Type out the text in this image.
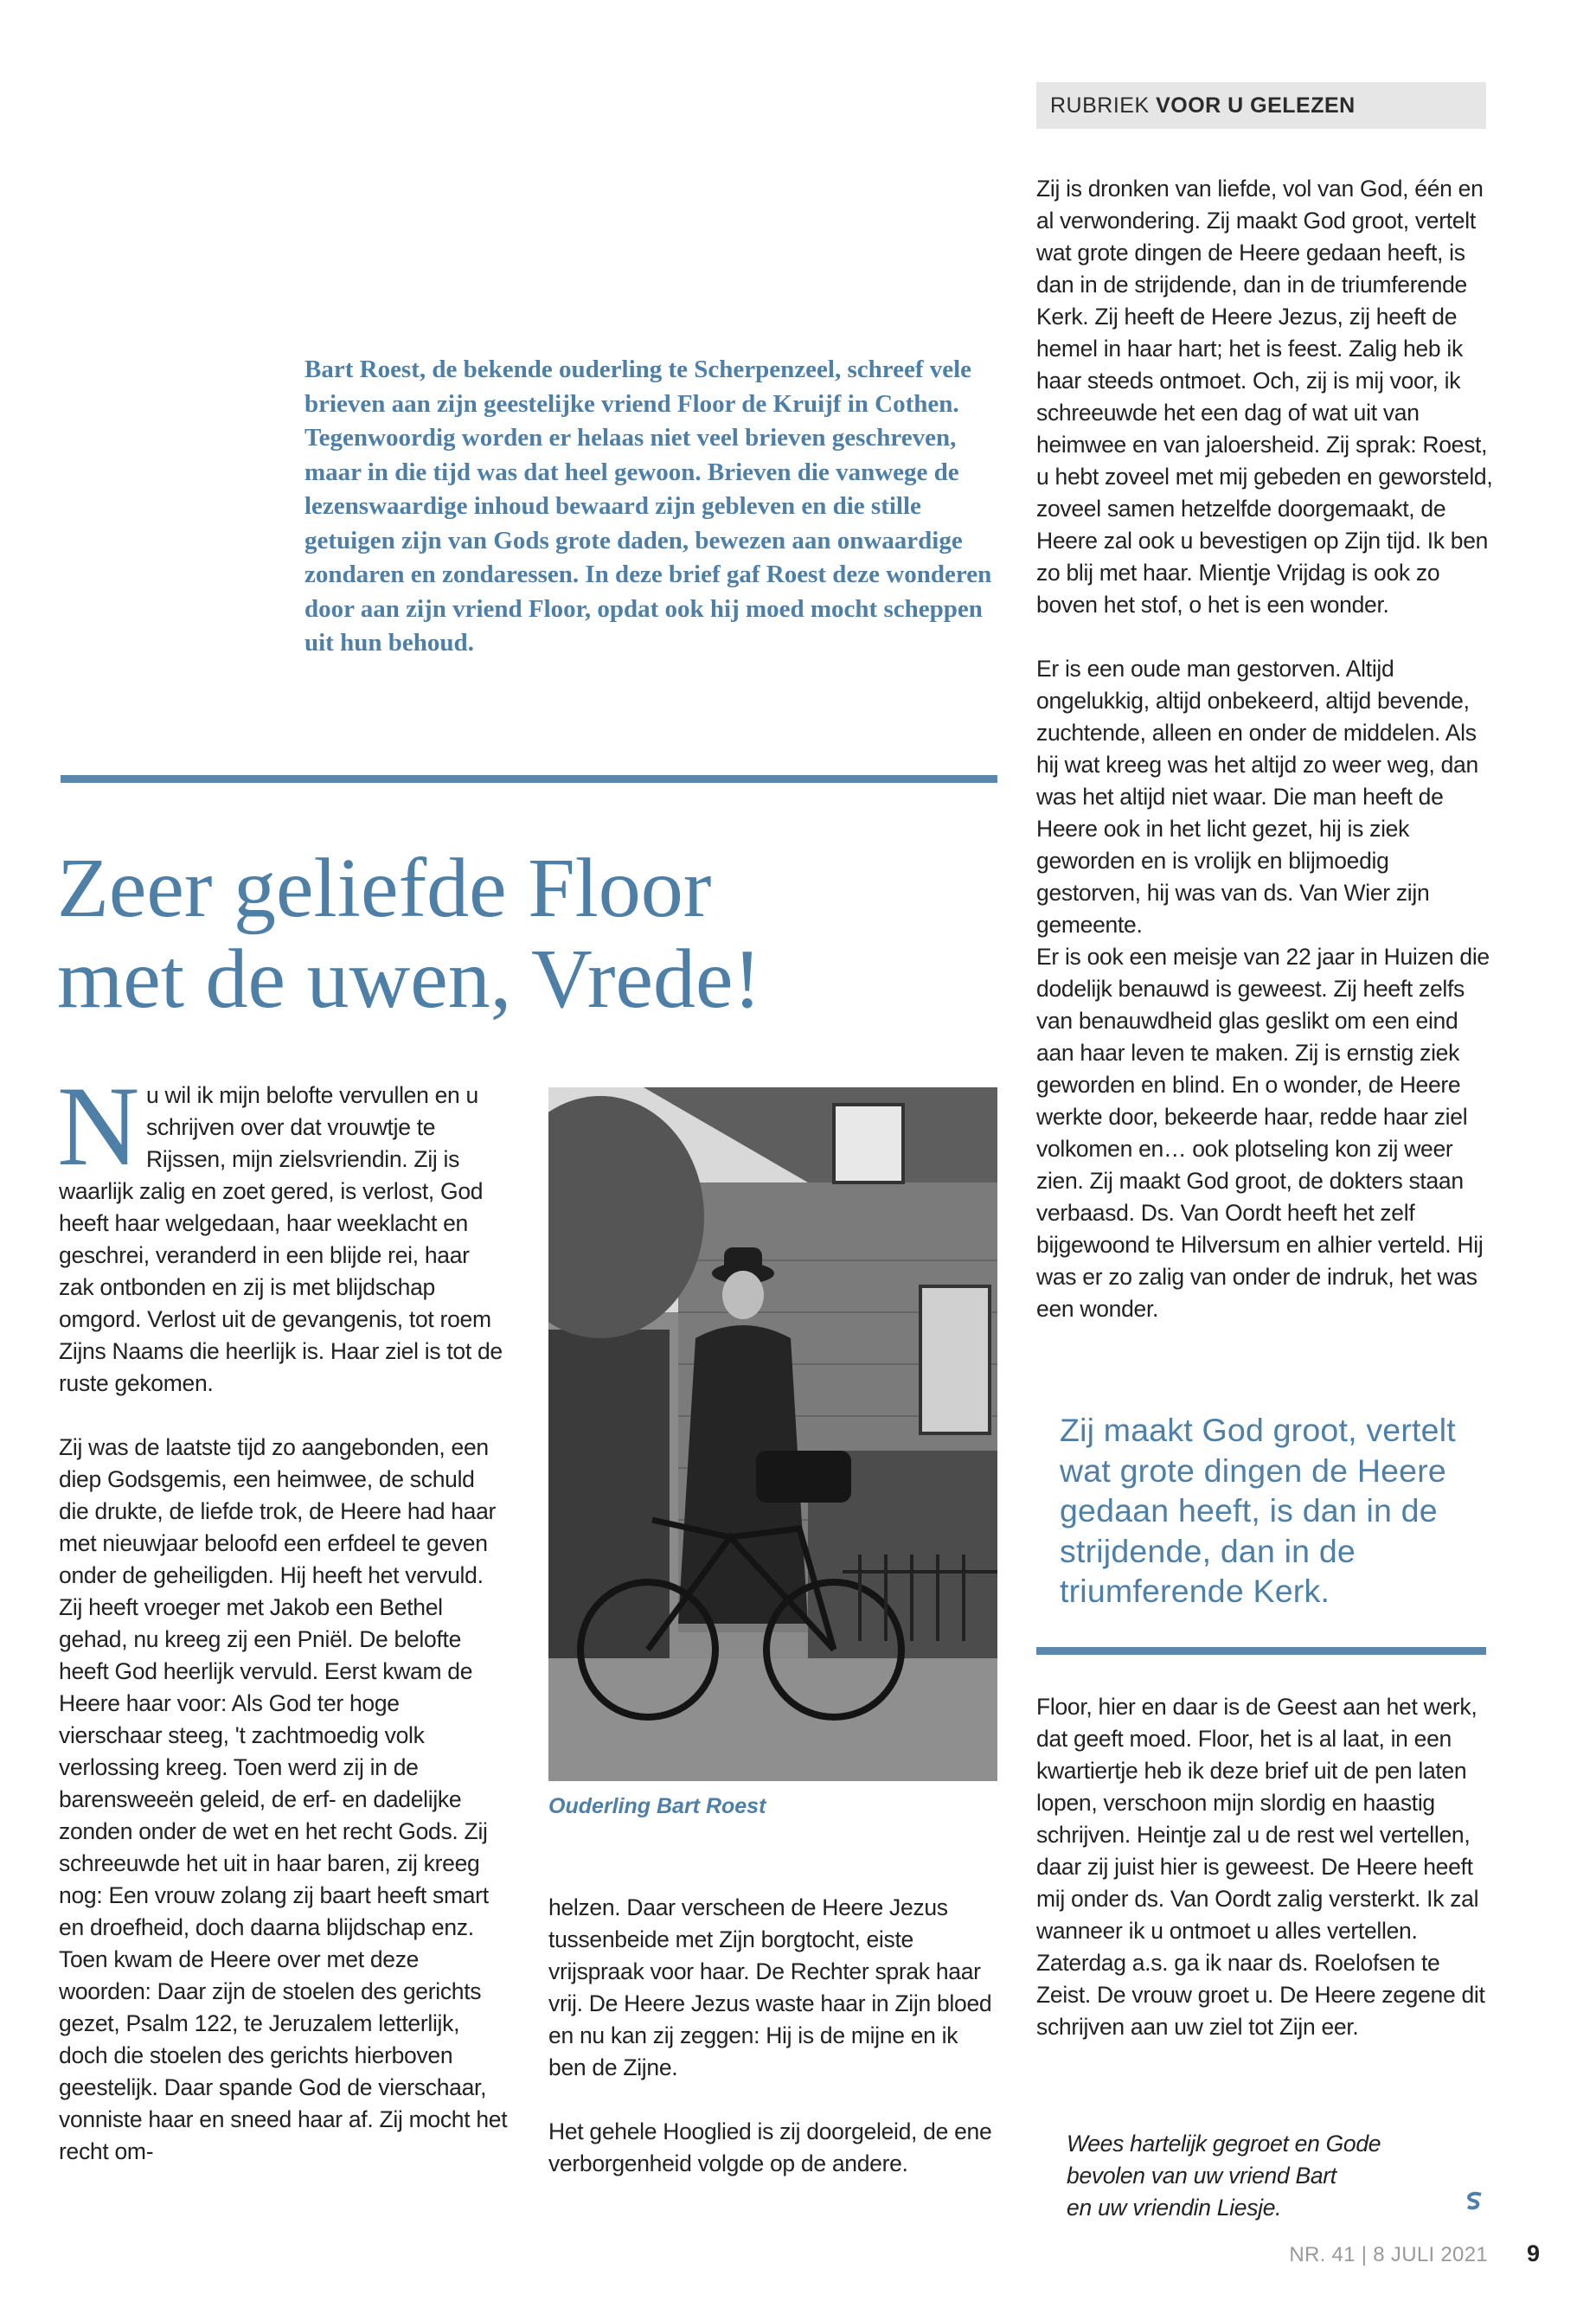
RUBRIEK VOOR U GELEZEN
Bart Roest, de bekende ouderling te Scherpenzeel, schreef vele brieven aan zijn geestelijke vriend Floor de Kruijf in Cothen. Tegenwoordig worden er helaas niet veel brieven geschreven, maar in die tijd was dat heel gewoon. Brieven die vanwege de lezenswaardige inhoud bewaard zijn gebleven en die stille getuigen zijn van Gods grote daden, bewezen aan onwaardige zondaren en zondaressen. In deze brief gaf Roest deze wonderen door aan zijn vriend Floor, opdat ook hij moed mocht scheppen uit hun behoud.
Zeer geliefde Floor
met de uwen, Vrede!
N u wil ik mijn belofte vervullen en u schrijven over dat vrouwtje te Rijssen, mijn zielsvriendin. Zij is waarlijk zalig en zoet gered, is verlost, God heeft haar welgedaan, haar weeklacht en geschrei, veranderd in een blijde rei, haar zak ontbonden en zij is met blijdschap omgord. Verlost uit de gevangenis, tot roem Zijns Naams die heerlijk is. Haar ziel is tot de ruste gekomen.

Zij was de laatste tijd zo aangebonden, een diep Godsgemis, een heimwee, de schuld die drukte, de liefde trok, de Heere had haar met nieuwjaar beloofd een erfdeel te geven onder de geheiligden. Hij heeft het vervuld. Zij heeft vroeger met Jakob een Bethel gehad, nu kreeg zij een Pniël. De belofte heeft God heerlijk vervuld. Eerst kwam de Heere haar voor: Als God ter hoge vierschaar steeg, 't zachtmoedig volk verlossing kreeg. Toen werd zij in de barensweeën geleid, de erf- en dadelijke zonden onder de wet en het recht Gods. Zij schreeuwde het uit in haar baren, zij kreeg nog: Een vrouw zolang zij baart heeft smart en droefheid, doch daarna blijdschap enz. Toen kwam de Heere over met deze woorden: Daar zijn de stoelen des gerichts gezet, Psalm 122, te Jeruzalem letterlijk, doch die stoelen des gerichts hierboven geestelijk. Daar spande God de vierschaar, vonniste haar en sneed haar af. Zij mocht het recht om-

Ouderling Bart Roest

helzen. Daar verscheen de Heere Jezus tussenbeide met Zijn borgtocht, eiste vrijspraak voor haar. De Rechter sprak haar vrij. De Heere Jezus waste haar in Zijn bloed en nu kan zij zeggen: Hij is de mijne en ik ben de Zijne.

Het gehele Hooglied is zij doorgeleid, de ene verborgenheid volgde op de andere.

Zij is dronken van liefde, vol van God, één en al verwondering. Zij maakt God groot, vertelt wat grote dingen de Heere gedaan heeft, is dan in de strijdende, dan in de triumferende Kerk. Zij heeft de Heere Jezus, zij heeft de hemel in haar hart; het is feest. Zalig heb ik haar steeds ontmoet. Och, zij is mij voor, ik schreeuwde het een dag of wat uit van heimwee en van jaloersheid. Zij sprak: Roest, u hebt zoveel met mij gebeden en geworsteld, zoveel samen hetzelfde doorgemaakt, de Heere zal ook u bevestigen op Zijn tijd. Ik ben zo blij met haar. Mientje Vrijdag is ook zo boven het stof, o het is een wonder.

Er is een oude man gestorven. Altijd ongelukkig, altijd onbekeerd, altijd bevende, zuchtende, alleen en onder de middelen. Als hij wat kreeg was het altijd zo weer weg, dan was het altijd niet waar. Die man heeft de Heere ook in het licht gezet, hij is ziek geworden en is vrolijk en blijmoedig gestorven, hij was van ds. Van Wier zijn gemeente.

Er is ook een meisje van 22 jaar in Huizen die dodelijk benauwd is geweest. Zij heeft zelfs van benauwdheid glas geslikt om een eind aan haar leven te maken. Zij is ernstig ziek geworden en blind. En o wonder, de Heere werkte door, bekeerde haar, redde haar ziel volkomen en… ook plotseling kon zij weer zien. Zij maakt God groot, de dokters staan verbaasd. Ds. Van Oordt heeft het zelf bijgewoond te Hilversum en alhier verteld. Hij was er zo zalig van onder de indruk, het was een wonder.

Zij maakt God groot, vertelt wat grote dingen de Heere gedaan heeft, is dan in de strijdende, dan in de triumferende Kerk.

Floor, hier en daar is de Geest aan het werk, dat geeft moed. Floor, het is al laat, in een kwartiertje heb ik deze brief uit de pen laten lopen, verschoon mijn slordig en haastig schrijven. Heintje zal u de rest wel vertellen, daar zij juist hier is geweest. De Heere heeft mij onder ds. Van Oordt zalig versterkt. Ik zal wanneer ik u ontmoet u alles vertellen. Zaterdag a.s. ga ik naar ds. Roelofsen te Zeist. De vrouw groet u. De Heere zegene dit schrijven aan uw ziel tot Zijn eer.

Wees hartelijk gegroet en Gode
bevolen van uw vriend Bart
en uw vriendin Liesje.
NR. 41 | 8 JULI 2021 9
